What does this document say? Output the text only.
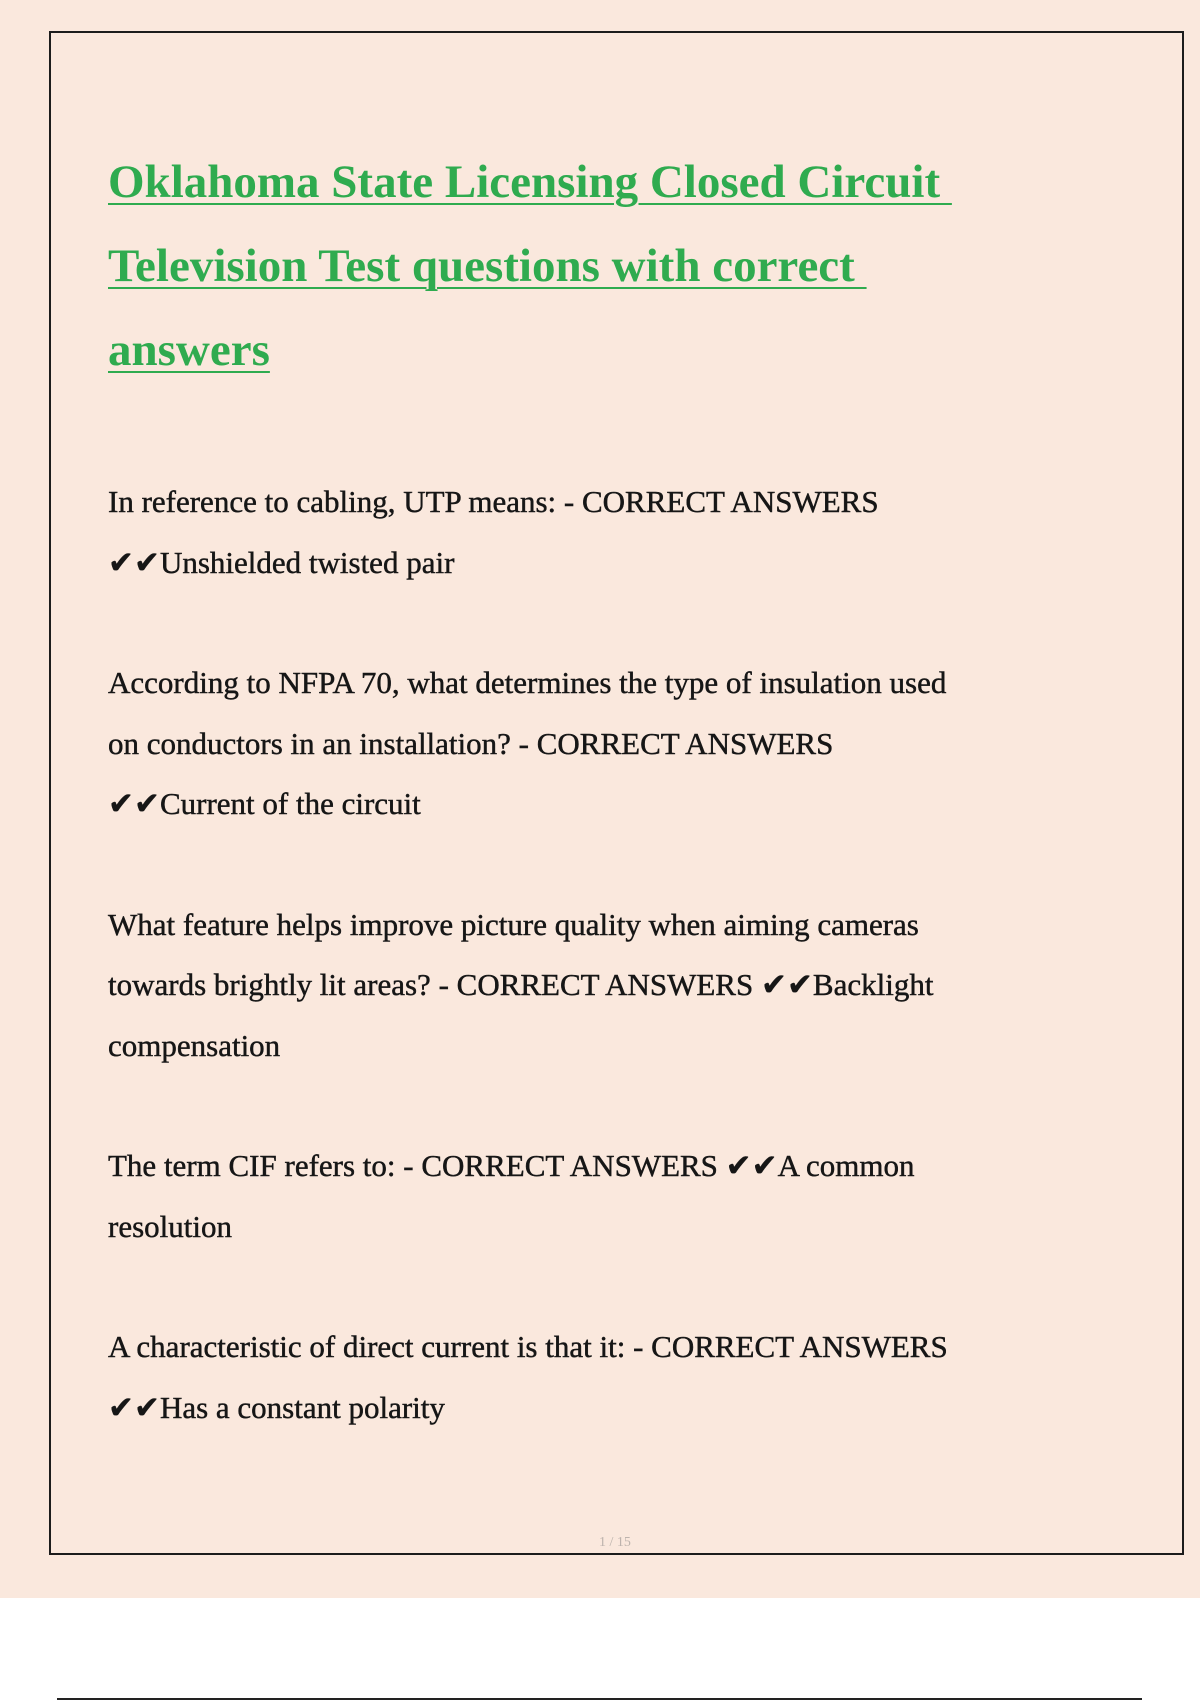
Oklahoma State Licensing Closed Circuit
Television Test questions with correct
answers

In reference to cabling, UTP means: - CORRECT ANSWERS
✔✔Unshielded twisted pair

According to NFPA 70, what determines the type of insulation used
on conductors in an installation? - CORRECT ANSWERS
✔✔Current of the circuit

What feature helps improve picture quality when aiming cameras
towards brightly lit areas? - CORRECT ANSWERS ✔✔Backlight
compensation

The term CIF refers to: - CORRECT ANSWERS ✔✔A common
resolution

A characteristic of direct current is that it: - CORRECT ANSWERS
✔✔Has a constant polarity

1 / 15
